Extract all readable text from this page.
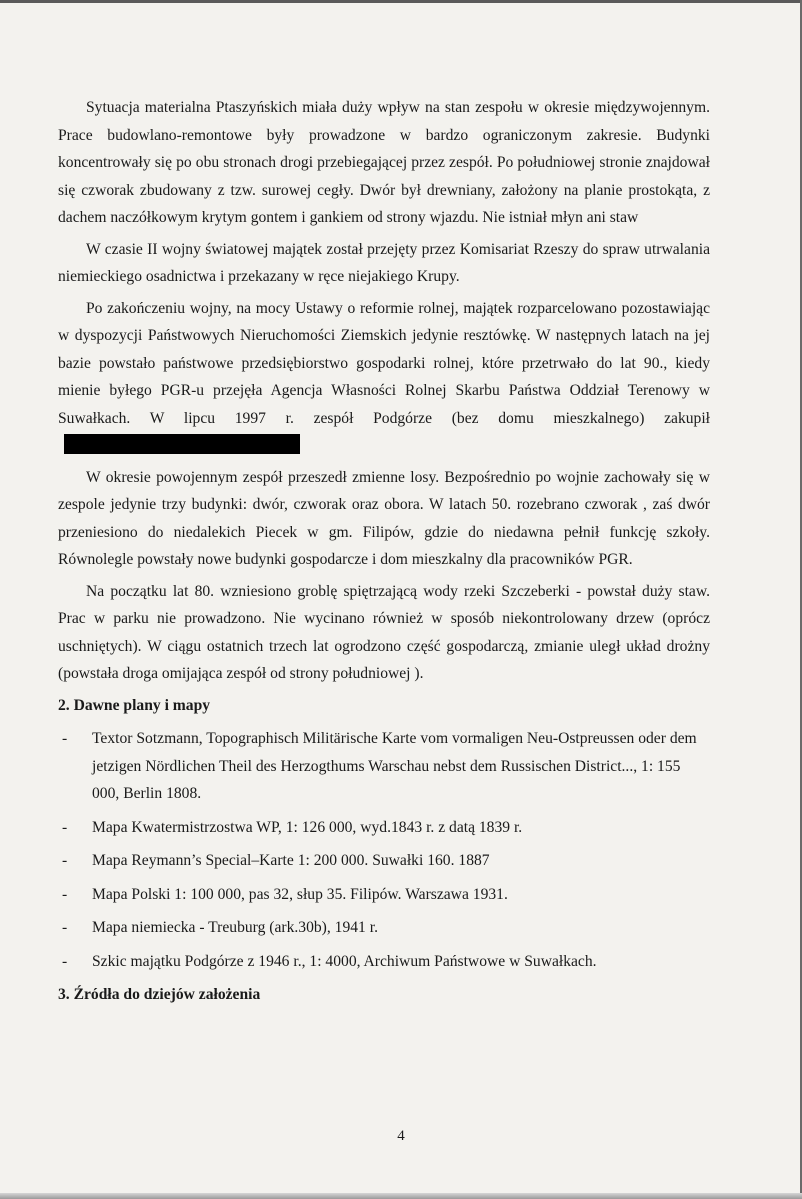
Sytuacja materialna Ptaszyńskich miała duży wpływ na stan zespołu w okresie międzywojennym. Prace budowlano-remontowe były prowadzone w bardzo ograniczonym zakresie. Budynki koncentrowały się po obu stronach drogi przebiegającej przez zespół. Po południowej stronie znajdował się czworak zbudowany z tzw. surowej cegły. Dwór był drewniany, założony na planie prostokąta, z dachem naczółkowym krytym gontem i gankiem od strony wjazdu. Nie istniał młyn ani staw

W czasie II wojny światowej majątek został przejęty przez Komisariat Rzeszy do spraw utrwalania niemieckiego osadnictwa i przekazany w ręce niejakiego Krupy.

Po zakończeniu wojny, na mocy Ustawy o reformie rolnej, majątek rozparcelowano pozostawiając w dyspozycji Państwowych Nieruchomości Ziemskich jedynie resztówkę. W następnych latach na jej bazie powstało państwowe przedsiębiorstwo gospodarki rolnej, które przetrwało do lat 90., kiedy mienie byłego PGR-u przejęła Agencja Własności Rolnej Skarbu Państwa Oddział Terenowy w Suwałkach. W lipcu 1997 r. zespół Podgórze (bez domu mieszkalnego) zakupił

W okresie powojennym zespół przeszedł zmienne losy. Bezpośrednio po wojnie zachowały się w zespole jedynie trzy budynki: dwór, czworak oraz obora. W latach 50. rozebrano czworak , zaś dwór przeniesiono do niedalekich Piecek w gm. Filipów, gdzie do niedawna pełnił funkcję szkoły. Równolegle powstały nowe budynki gospodarcze i dom mieszkalny dla pracowników PGR.

Na początku lat 80. wzniesiono groblę spiętrzającą wody rzeki Szczeberki - powstał duży staw. Prac w parku nie prowadzono. Nie wycinano również w sposób niekontrolowany drzew (oprócz uschniętych). W ciągu ostatnich trzech lat ogrodzono część gospodarczą, zmianie uległ układ drożny (powstała droga omijająca zespół od strony południowej ).

2. Dawne plany i mapy
- Textor Sotzmann, Topographisch Militärische Karte vom vormaligen Neu-Ostpreussen oder dem jetzigen Nördlichen Theil des Herzogthums Warschau nebst dem Russischen District..., 1: 155 000, Berlin 1808.
- Mapa Kwatermistrzostwa WP, 1: 126 000, wyd.1843 r. z datą 1839 r.
- Mapa Reymann’s Special–Karte 1: 200 000. Suwałki 160. 1887
- Mapa Polski 1: 100 000, pas 32, słup 35. Filipów. Warszawa 1931.
- Mapa niemiecka - Treuburg (ark.30b), 1941 r.
- Szkic majątku Podgórze z 1946 r., 1: 4000, Archiwum Państwowe w Suwałkach.
3. Źródła do dziejów założenia
4
